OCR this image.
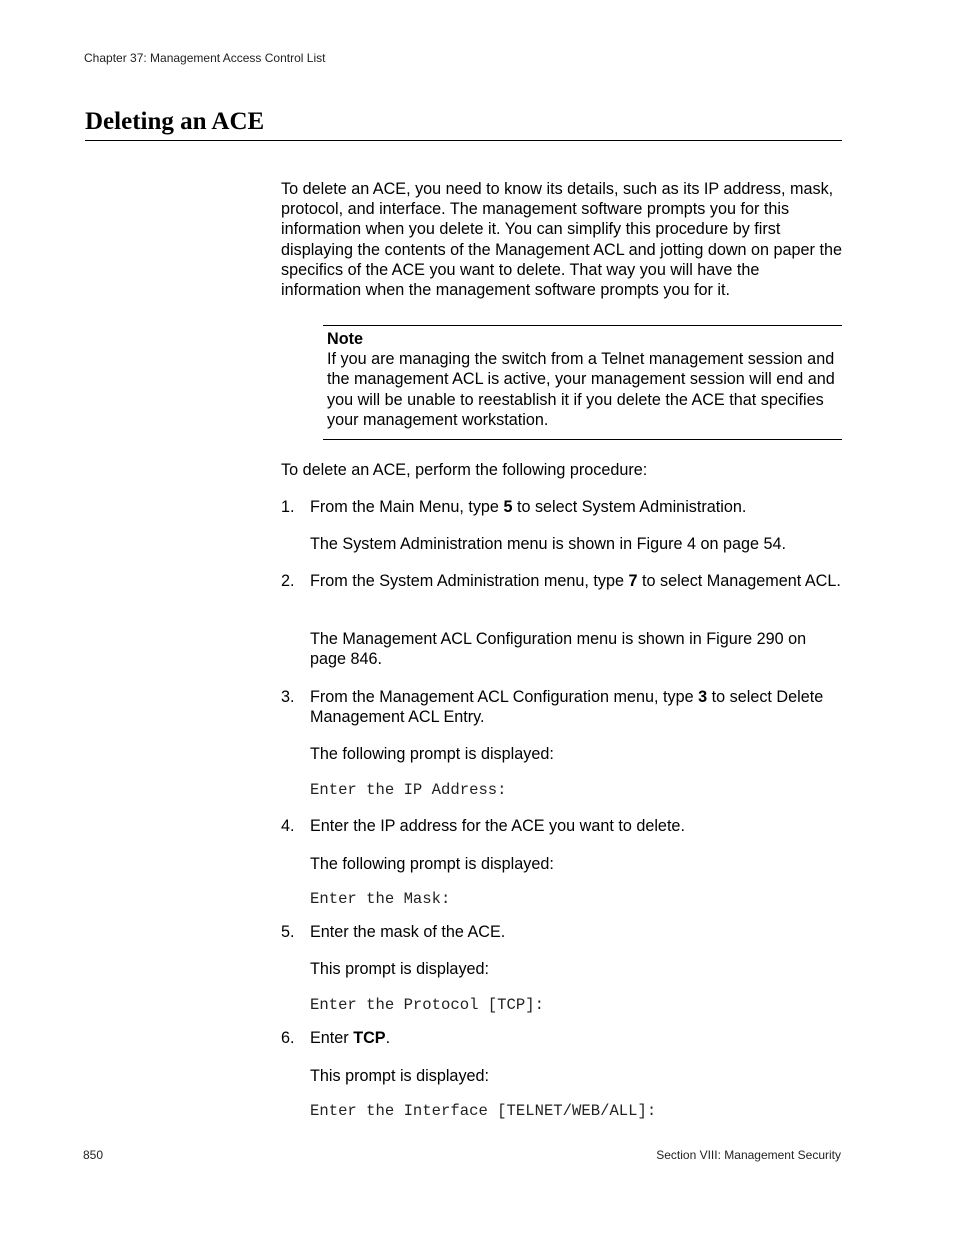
Chapter 37: Management Access Control List
Deleting an ACE

To delete an ACE, you need to know its details, such as its IP address, mask, protocol, and interface. The management software prompts you for this information when you delete it. You can simplify this procedure by first displaying the contents of the Management ACL and jotting down on paper the specifics of the ACE you want to delete. That way you will have the information when the management software prompts you for it.

Note
If you are managing the switch from a Telnet management session and the management ACL is active, your management session will end and you will be unable to reestablish it if you delete the ACE that specifies your management workstation.
To delete an ACE, perform the following procedure:
1. From the Main Menu, type 5 to select System Administration.
The System Administration menu is shown in Figure 4 on page 54.
2. From the System Administration menu, type 7 to select Management ACL.
The Management ACL Configuration menu is shown in Figure 290 on page 846.
3. From the Management ACL Configuration menu, type 3 to select Delete Management ACL Entry.
The following prompt is displayed:
Enter the IP Address:
4. Enter the IP address for the ACE you want to delete.
The following prompt is displayed:
Enter the Mask:
5. Enter the mask of the ACE.
This prompt is displayed:
Enter the Protocol [TCP]:
6. Enter TCP.
This prompt is displayed:
Enter the Interface [TELNET/WEB/ALL]:
850	Section VIII: Management Security
